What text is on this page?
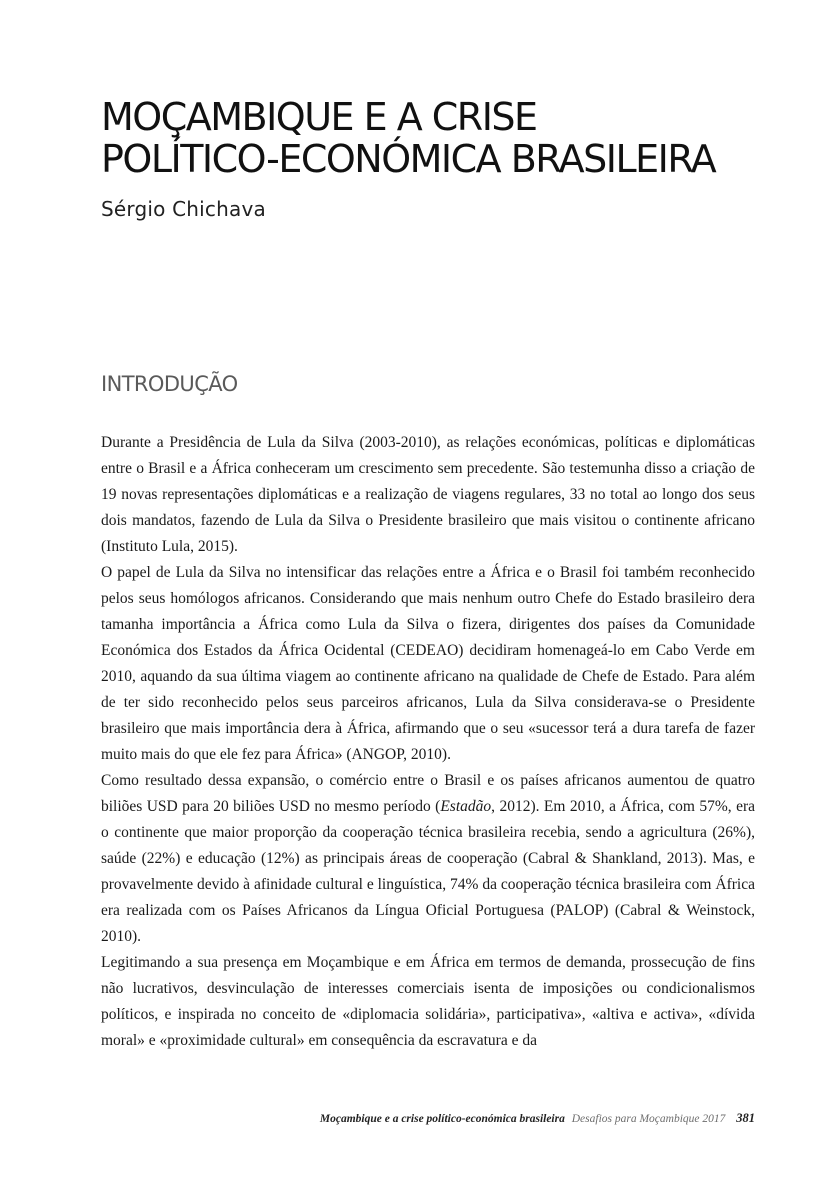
MOÇAMBIQUE E A CRISE
POLÍTICO-ECONÓMICA BRASILEIRA

Sérgio Chichava

INTRODUÇÃO

Durante a Presidência de Lula da Silva (2003-2010), as relações económicas, políticas e diplomáticas entre o Brasil e a África conheceram um crescimento sem precedente. São testemunha disso a criação de 19 novas representações diplomáticas e a realização de viagens regulares, 33 no total ao longo dos seus dois mandatos, fazendo de Lula da Silva o Presidente brasileiro que mais visitou o continente africano (Instituto Lula, 2015).

O papel de Lula da Silva no intensificar das relações entre a África e o Brasil foi também reconhecido pelos seus homólogos africanos. Considerando que mais nenhum outro Chefe do Estado brasileiro dera tamanha importância a África como Lula da Silva o fizera, dirigentes dos países da Comunidade Económica dos Estados da África Ocidental (CEDEAO) decidiram homenageá-lo em Cabo Verde em 2010, aquando da sua última viagem ao continente africano na qualidade de Chefe de Estado. Para além de ter sido reconhecido pelos seus parceiros africanos, Lula da Silva considerava-se o Presidente brasileiro que mais importância dera à África, afirmando que o seu «sucessor terá a dura tarefa de fazer muito mais do que ele fez para África» (ANGOP, 2010).

Como resultado dessa expansão, o comércio entre o Brasil e os países africanos aumentou de quatro biliões USD para 20 biliões USD no mesmo período (Estadão, 2012). Em 2010, a África, com 57%, era o continente que maior proporção da cooperação técnica brasileira recebia, sendo a agricultura (26%), saúde (22%) e educação (12%) as principais áreas de cooperação (Cabral & Shankland, 2013). Mas, e provavelmente devido à afinidade cultural e linguística, 74% da cooperação técnica brasileira com África era realizada com os Países Africanos da Língua Oficial Portuguesa (PALOP) (Cabral & Weinstock, 2010).

Legitimando a sua presença em Moçambique e em África em termos de demanda, prossecução de fins não lucrativos, desvinculação de interesses comerciais isenta de imposições ou condicionalismos políticos, e inspirada no conceito de «diplomacia solidária», participativa», «altiva e activa», «dívida moral» e «proximidade cultural» em consequência da escravatura e da

Moçambique e a crise político-económica brasileira Desafios para Moçambique 2017 381
